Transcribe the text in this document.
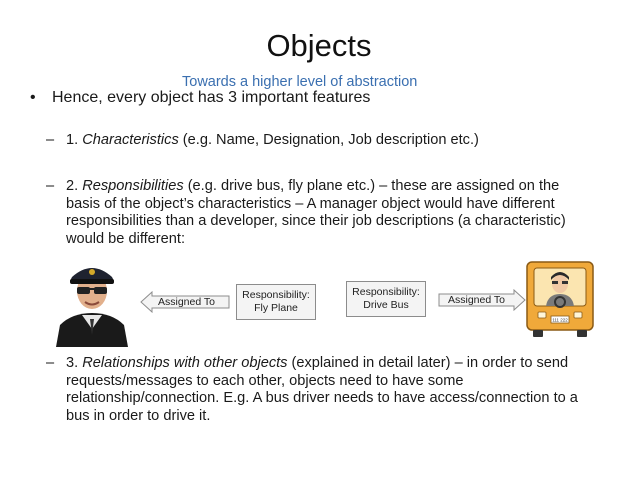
Objects
Towards a higher level of abstraction
• Hence, every object has 3 important features
– 1. Characteristics (e.g. Name, Designation, Job description etc.)
– 2. Responsibilities (e.g. drive bus, fly plane etc.) – these are assigned on the basis of the object’s characteristics – A manager object would have different responsibilities than a developer, since their job descriptions (a characteristic) would be different:
Assigned To
Responsibility:
Fly Plane
Responsibility:
Drive Bus	Assigned To
111 222
– 3. Relationships with other objects (explained in detail later) – in order to send requests/messages to each other, objects need to have some relationship/connection. E.g. A bus driver needs to have access/connection to a bus in order to drive it.
